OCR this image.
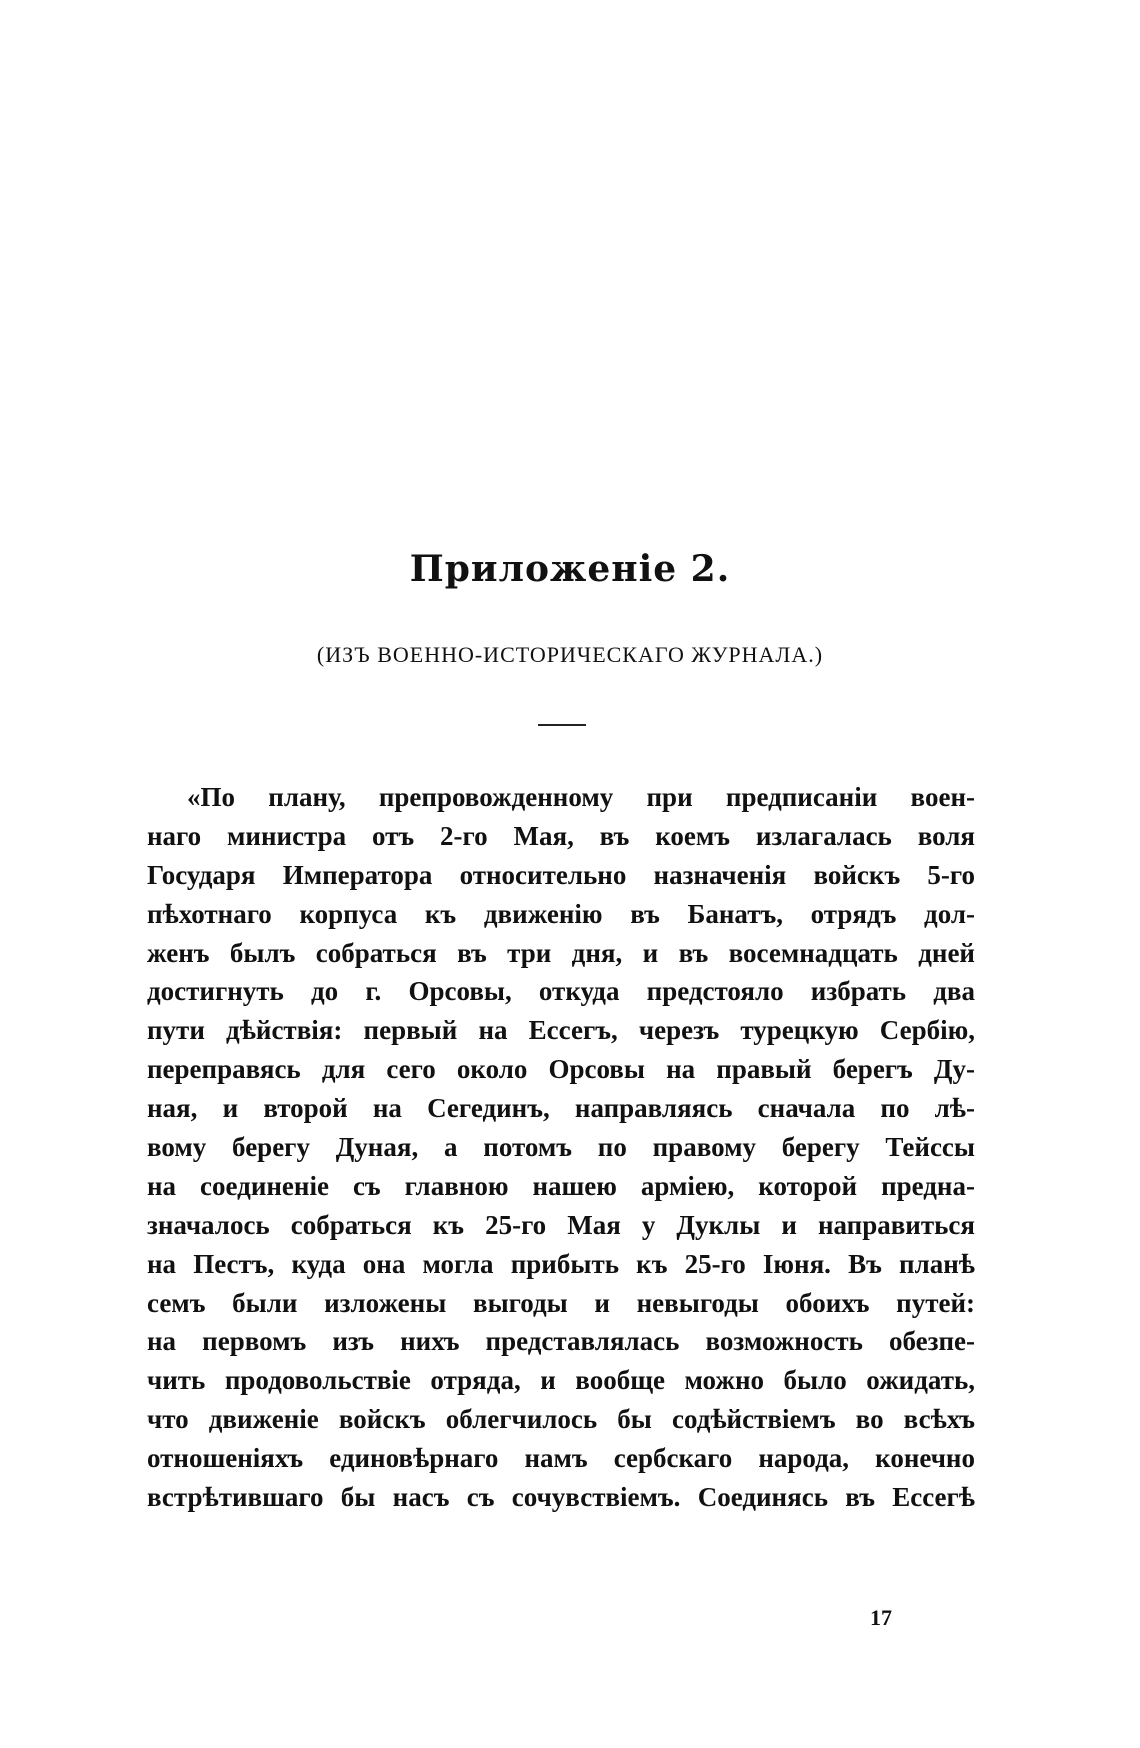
Приложеніе 2.
(ИЗЪ ВОЕННО-ИСТОРИЧЕСКАГО ЖУРНАЛА.)
«По плану, препровожденному при предписаніи воен-
наго министра отъ 2-го Мая, въ коемъ излагалась воля
Государя Императора относительно назначенія войскъ 5-го
пѣхотнаго корпуса къ движенію въ Банатъ, отрядъ дол-
женъ былъ собраться въ три дня, и въ восемнадцать дней
достигнуть до г. Орсовы, откуда предстояло избрать два
пути дѣйствія: первый на Ессегъ, черезъ турецкую Сербію,
переправясь для сего около Орсовы на правый берегъ Ду-
ная, и второй на Сегединъ, направляясь сначала по лѣ-
вому берегу Дуная, а потомъ по правому берегу Тейссы
на соединеніе съ главною нашею арміею, которой предна-
значалось собраться къ 25-го Мая у Дуклы и направиться
на Пестъ, куда она могла прибыть къ 25-го Іюня. Въ планѣ
семъ были изложены выгоды и невыгоды обоихъ путей:
на первомъ изъ нихъ представлялась возможность обезпе-
чить продовольствіе отряда, и вообще можно было ожидать,
что движеніе войскъ облегчилось бы содѣйствіемъ во всѣхъ
отношеніяхъ единовѣрнаго намъ сербскаго народа, конечно
встрѣтившаго бы насъ съ сочувствіемъ. Соединясь въ Ессегѣ
17
